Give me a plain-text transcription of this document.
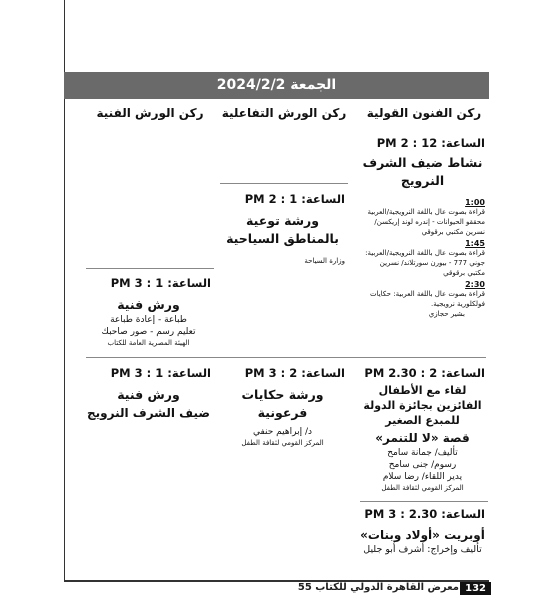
الجمعة 2024/2/2
ركن الفنون القولية
ركن الورش التفاعلية
ركن الورش الفنية
الساعة: 12 : 2 PM
نشاط ضيف الشرف النرويج
1:00
قراءة بصوت عال باللغة النرويجية/العربية محققو الحيوانات - إندره لوند إريكسن/ نسرين مكتبي برقوقي
1:45
قراءة بصوت عال باللغة النرويجية/العربية: جوني 777 - بيورن سورتلاند/ نسرين مكتبي برقوقي
2:30
قراءة بصوت عال باللغة العربية: حكايات فولكلورية نرويجية.
بشير حجازي
الساعة: 1 : 2 PM
ورشة توعية بالمناطق السياحية
وزارة السياحة
الساعة: 1 : 3 PM
ورش فنية
طباعة - إعادة طباعة
تعليم رسم - صور صاحبك
الهيئة المصرية العامة للكتاب
الساعة: 2 : 2.30 PM
لقاء مع الأطفال الفائزين بجائزة الدولة للمبدع الصغير
قصة «لا للتنمر»
تأليف/ جمانة سامح
رسوم/ جنى سامح
يدير اللقاء/ رضا سلام
المركز القومي لثقافة الطفل
الساعة: 2 : 3 PM
ورشة حكايات فرعونية
د/ إبراهيم حنفي
المركز القومي لثقافة الطفل
الساعة: 1 : 3 PM
ورش فنية
ضيف الشرف النرويج
الساعة: 2.30 : 3 PM
أوبريت «أولاد وبنات»
تأليف وإخراج: أشرف أبو جليل
132
معرض القاهرة الدولي للكتاب 55
